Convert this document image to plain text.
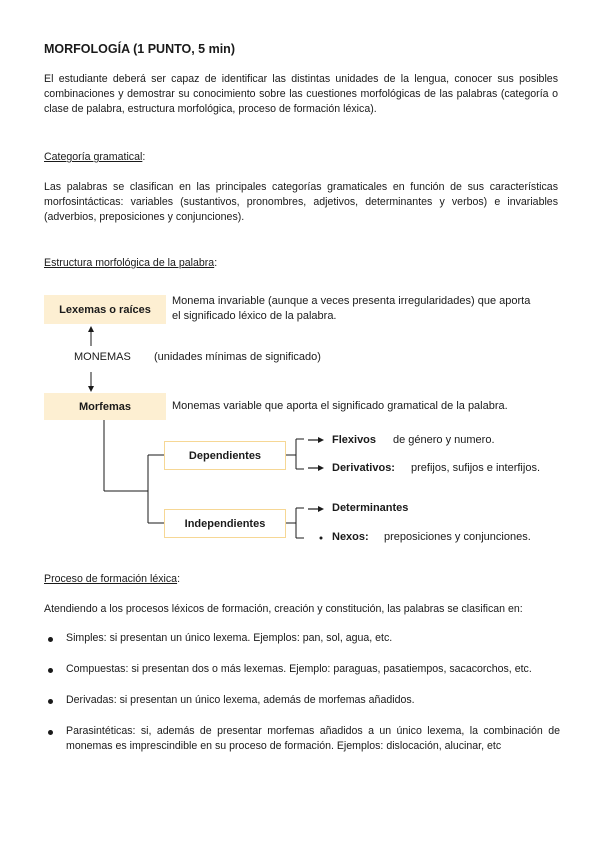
MORFOLOGÍA (1 PUNTO, 5 min)
El estudiante deberá ser capaz de identificar las distintas unidades de la lengua, conocer sus posibles combinaciones y demostrar su conocimiento sobre las cuestiones morfológicas de las palabras (categoría o clase de palabra, estructura morfológica, proceso de formación léxica).
Categoría gramatical:
Las palabras se clasifican en las principales categorías gramaticales en función de sus características morfosintácticas: variables (sustantivos, pronombres, adjetivos, determinantes y verbos) e invariables (adverbios, preposiciones y conjunciones).
Estructura morfológica de la palabra:
Lexemas o raíces
Monema invariable (aunque a veces presenta irregularidades) que aporta
el significado léxico de la palabra.
MONEMAS (unidades mínimas de significado)
Morfemas	Monemas variable que aporta el significado gramatical de la palabra.
Dependientes
Flexivos de género y numero.
Derivativos: prefijos, sufijos e interfijos.
Independientes
Determinantes
Nexos: preposiciones y conjunciones.
Proceso de formación léxica:
Atendiendo a los procesos léxicos de formación, creación y constitución, las palabras se clasifican en:
Simples: si presentan un único lexema. Ejemplos: pan, sol, agua, etc.
Compuestas: si presentan dos o más lexemas. Ejemplo: paraguas, pasatiempos, sacacorchos, etc.
Derivadas: si presentan un único lexema, además de morfemas añadidos.
Parasintéticas: si, además de presentar morfemas añadidos a un único lexema, la combinación de monemas es imprescindible en su proceso de formación. Ejemplos: dislocación, alucinar, etc
